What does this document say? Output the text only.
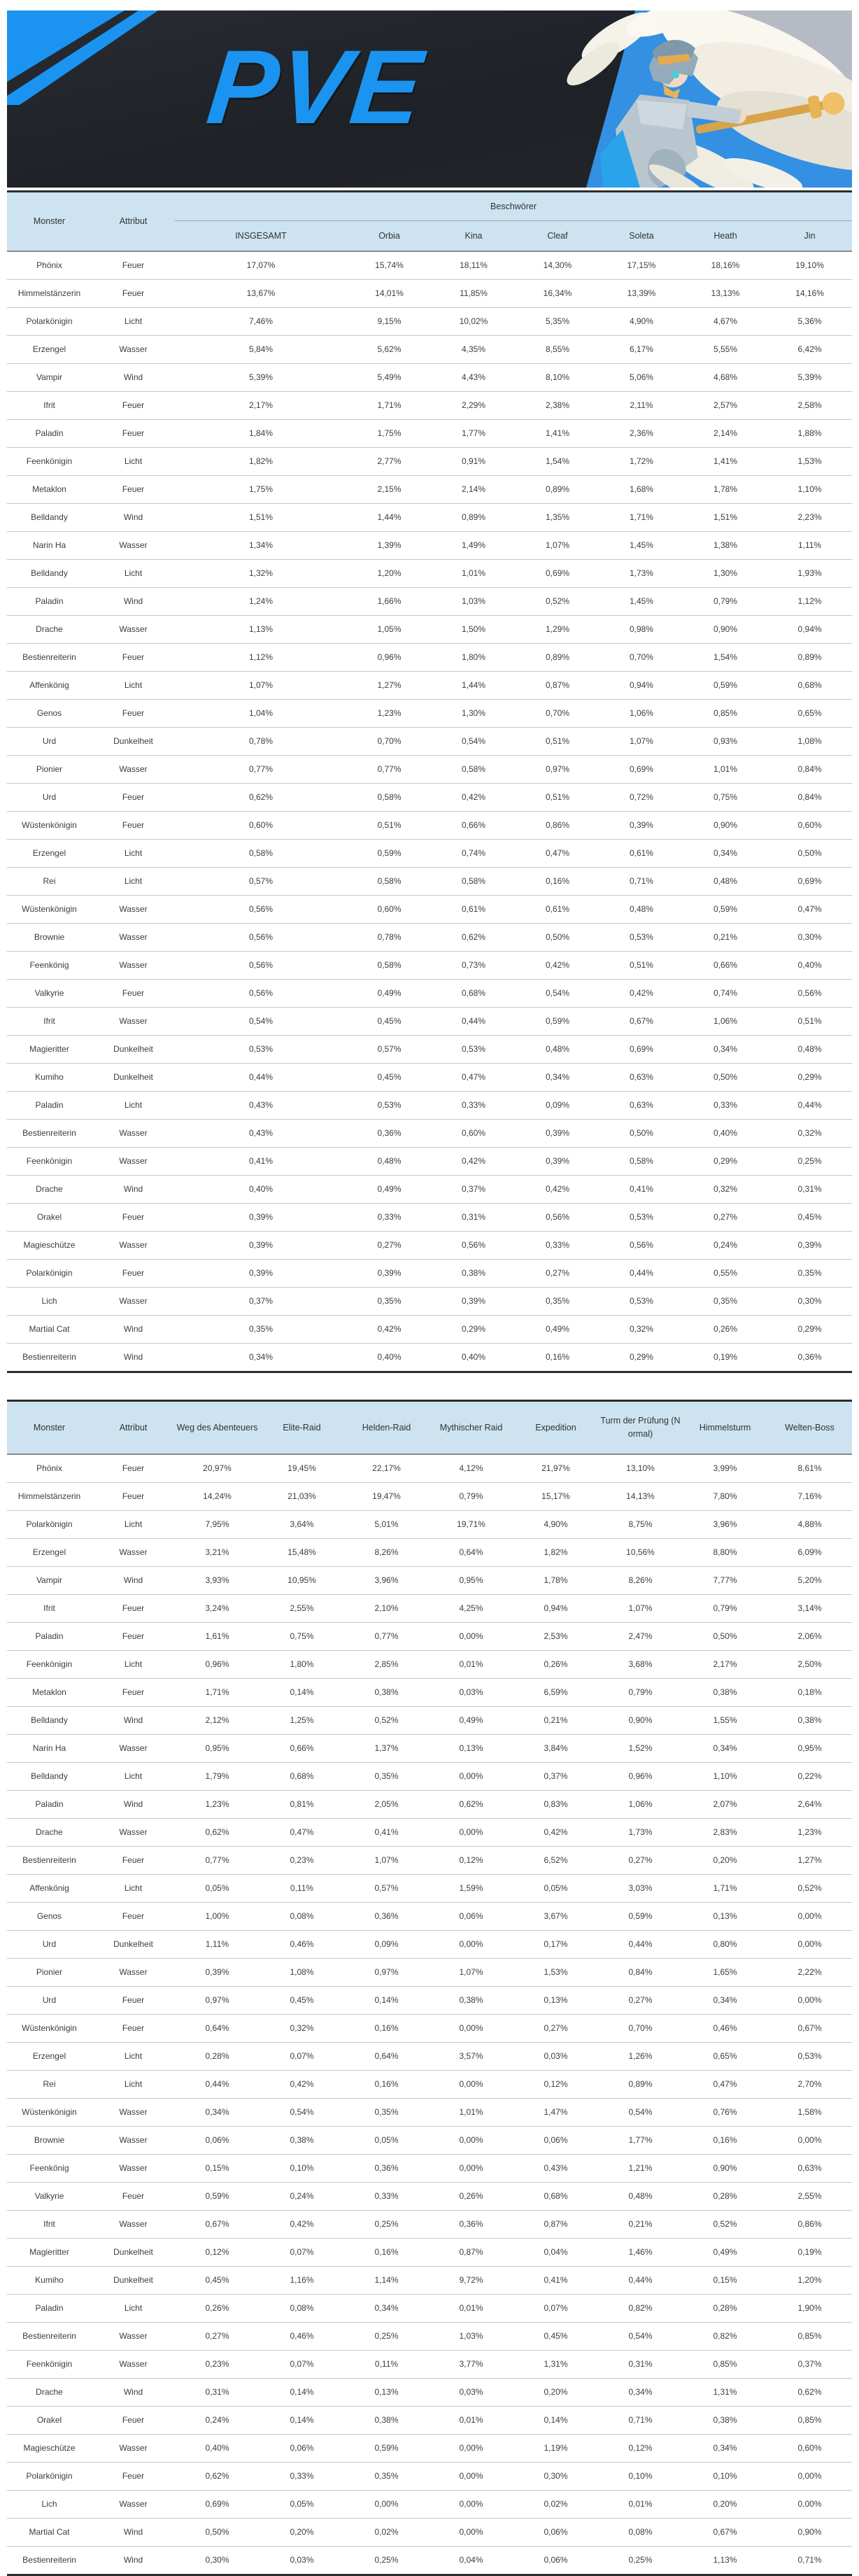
PVE
Monster	Attribut	Beschwörer						
		INSGESAMT	Orbia	Kina	Cleaf	Soleta	Heath	Jin
Phönix	Feuer	17,07%	15,74%	18,11%	14,30%	17,15%	18,16%	19,10%
Himmelstänzerin	Feuer	13,67%	14,01%	11,85%	16,34%	13,39%	13,13%	14,16%
Polarkönigin	Licht	7,46%	9,15%	10,02%	5,35%	4,90%	4,67%	5,36%
Erzengel	Wasser	5,84%	5,62%	4,35%	8,55%	6,17%	5,55%	6,42%
Vampir	Wind	5,39%	5,49%	4,43%	8,10%	5,06%	4,68%	5,39%
Ifrit	Feuer	2,17%	1,71%	2,29%	2,38%	2,11%	2,57%	2,58%
Paladin	Feuer	1,84%	1,75%	1,77%	1,41%	2,36%	2,14%	1,88%
Feenkönigin	Licht	1,82%	2,77%	0,91%	1,54%	1,72%	1,41%	1,53%
Metaklon	Feuer	1,75%	2,15%	2,14%	0,89%	1,68%	1,78%	1,10%
Belldandy	Wind	1,51%	1,44%	0,89%	1,35%	1,71%	1,51%	2,23%
Narin Ha	Wasser	1,34%	1,39%	1,49%	1,07%	1,45%	1,38%	1,11%
Belldandy	Licht	1,32%	1,20%	1,01%	0,69%	1,73%	1,30%	1,93%
Paladin	Wind	1,24%	1,66%	1,03%	0,52%	1,45%	0,79%	1,12%
Drache	Wasser	1,13%	1,05%	1,50%	1,29%	0,98%	0,90%	0,94%
Bestienreiterin	Feuer	1,12%	0,96%	1,80%	0,89%	0,70%	1,54%	0,89%
Affenkönig	Licht	1,07%	1,27%	1,44%	0,87%	0,94%	0,59%	0,68%
Genos	Feuer	1,04%	1,23%	1,30%	0,70%	1,06%	0,85%	0,65%
Urd	Dunkelheit	0,78%	0,70%	0,54%	0,51%	1,07%	0,93%	1,08%
Pionier	Wasser	0,77%	0,77%	0,58%	0,97%	0,69%	1,01%	0,84%
Urd	Feuer	0,62%	0,58%	0,42%	0,51%	0,72%	0,75%	0,84%
Wüstenkönigin	Feuer	0,60%	0,51%	0,66%	0,86%	0,39%	0,90%	0,60%
Erzengel	Licht	0,58%	0,59%	0,74%	0,47%	0,61%	0,34%	0,50%
Rei	Licht	0,57%	0,58%	0,58%	0,16%	0,71%	0,48%	0,69%
Wüstenkönigin	Wasser	0,56%	0,60%	0,61%	0,61%	0,48%	0,59%	0,47%
Brownie	Wasser	0,56%	0,78%	0,62%	0,50%	0,53%	0,21%	0,30%
Feenkönig	Wasser	0,56%	0,58%	0,73%	0,42%	0,51%	0,66%	0,40%
Valkyrie	Feuer	0,56%	0,49%	0,68%	0,54%	0,42%	0,74%	0,56%
Ifrit	Wasser	0,54%	0,45%	0,44%	0,59%	0,67%	1,06%	0,51%
Magieritter	Dunkelheit	0,53%	0,57%	0,53%	0,48%	0,69%	0,34%	0,48%
Kumiho	Dunkelheit	0,44%	0,45%	0,47%	0,34%	0,63%	0,50%	0,29%
Paladin	Licht	0,43%	0,53%	0,33%	0,09%	0,63%	0,33%	0,44%
Bestienreiterin	Wasser	0,43%	0,36%	0,60%	0,39%	0,50%	0,40%	0,32%
Feenkönigin	Wasser	0,41%	0,48%	0,42%	0,39%	0,58%	0,29%	0,25%
Drache	Wind	0,40%	0,49%	0,37%	0,42%	0,41%	0,32%	0,31%
Orakel	Feuer	0,39%	0,33%	0,31%	0,56%	0,53%	0,27%	0,45%
Magieschütze	Wasser	0,39%	0,27%	0,56%	0,33%	0,56%	0,24%	0,39%
Polarkönigin	Feuer	0,39%	0,39%	0,38%	0,27%	0,44%	0,55%	0,35%
Lich	Wasser	0,37%	0,35%	0,39%	0,35%	0,53%	0,35%	0,30%
Martial Cat	Wind	0,35%	0,42%	0,29%	0,49%	0,32%	0,26%	0,29%
Bestienreiterin	Wind	0,34%	0,40%	0,40%	0,16%	0,29%	0,19%	0,36%
Monster	Attribut	Weg des Abenteuers	Elite-Raid	Helden-Raid	Mythischer Raid	Expedition	Turm der Prüfung (Normal)	Himmelsturm	Welten-Boss
Phönix	Feuer	20,97%	19,45%	22,17%	4,12%	21,97%	13,10%	3,99%	8,61%
Himmelstänzerin	Feuer	14,24%	21,03%	19,47%	0,79%	15,17%	14,13%	7,80%	7,16%
Polarkönigin	Licht	7,95%	3,64%	5,01%	19,71%	4,90%	8,75%	3,96%	4,88%
Erzengel	Wasser	3,21%	15,48%	8,26%	0,64%	1,82%	10,56%	8,80%	6,09%
Vampir	Wind	3,93%	10,95%	3,96%	0,95%	1,78%	8,26%	7,77%	5,20%
Ifrit	Feuer	3,24%	2,55%	2,10%	4,25%	0,94%	1,07%	0,79%	3,14%
Paladin	Feuer	1,61%	0,75%	0,77%	0,00%	2,53%	2,47%	0,50%	2,06%
Feenkönigin	Licht	0,96%	1,80%	2,85%	0,01%	0,26%	3,68%	2,17%	2,50%
Metaklon	Feuer	1,71%	0,14%	0,38%	0,03%	6,59%	0,79%	0,38%	0,18%
Belldandy	Wind	2,12%	1,25%	0,52%	0,49%	0,21%	0,90%	1,55%	0,38%
Narin Ha	Wasser	0,95%	0,66%	1,37%	0,13%	3,84%	1,52%	0,34%	0,95%
Belldandy	Licht	1,79%	0,68%	0,35%	0,00%	0,37%	0,96%	1,10%	0,22%
Paladin	Wind	1,23%	0,81%	2,05%	0,62%	0,83%	1,06%	2,07%	2,64%
Drache	Wasser	0,62%	0,47%	0,41%	0,00%	0,42%	1,73%	2,83%	1,23%
Bestienreiterin	Feuer	0,77%	0,23%	1,07%	0,12%	6,52%	0,27%	0,20%	1,27%
Affenkönig	Licht	0,05%	0,11%	0,57%	1,59%	0,05%	3,03%	1,71%	0,52%
Genos	Feuer	1,00%	0,08%	0,36%	0,06%	3,67%	0,59%	0,13%	0,00%
Urd	Dunkelheit	1,11%	0,46%	0,09%	0,00%	0,17%	0,44%	0,80%	0,00%
Pionier	Wasser	0,39%	1,08%	0,97%	1,07%	1,53%	0,84%	1,65%	2,22%
Urd	Feuer	0,97%	0,45%	0,14%	0,38%	0,13%	0,27%	0,34%	0,00%
Wüstenkönigin	Feuer	0,64%	0,32%	0,16%	0,00%	0,27%	0,70%	0,46%	0,67%
Erzengel	Licht	0,28%	0,07%	0,64%	3,57%	0,03%	1,26%	0,65%	0,53%
Rei	Licht	0,44%	0,42%	0,16%	0,00%	0,12%	0,89%	0,47%	2,70%
Wüstenkönigin	Wasser	0,34%	0,54%	0,35%	1,01%	1,47%	0,54%	0,76%	1,58%
Brownie	Wasser	0,06%	0,38%	0,05%	0,00%	0,06%	1,77%	0,16%	0,00%
Feenkönig	Wasser	0,15%	0,10%	0,36%	0,00%	0,43%	1,21%	0,90%	0,63%
Valkyrie	Feuer	0,59%	0,24%	0,33%	0,26%	0,68%	0,48%	0,28%	2,55%
Ifrit	Wasser	0,67%	0,42%	0,25%	0,36%	0,87%	0,21%	0,52%	0,86%
Magieritter	Dunkelheit	0,12%	0,07%	0,16%	0,87%	0,04%	1,46%	0,49%	0,19%
Kumiho	Dunkelheit	0,45%	1,16%	1,14%	9,72%	0,41%	0,44%	0,15%	1,20%
Paladin	Licht	0,26%	0,08%	0,34%	0,01%	0,07%	0,82%	0,28%	1,90%
Bestienreiterin	Wasser	0,27%	0,46%	0,25%	1,03%	0,45%	0,54%	0,82%	0,85%
Feenkönigin	Wasser	0,23%	0,07%	0,11%	3,77%	1,31%	0,31%	0,85%	0,37%
Drache	Wind	0,31%	0,14%	0,13%	0,03%	0,20%	0,34%	1,31%	0,62%
Orakel	Feuer	0,24%	0,14%	0,38%	0,01%	0,14%	0,71%	0,38%	0,85%
Magieschütze	Wasser	0,40%	0,06%	0,59%	0,00%	1,19%	0,12%	0,34%	0,60%
Polarkönigin	Feuer	0,62%	0,33%	0,35%	0,00%	0,30%	0,10%	0,10%	0,00%
Lich	Wasser	0,69%	0,05%	0,00%	0,00%	0,02%	0,01%	0,20%	0,00%
Martial Cat	Wind	0,50%	0,20%	0,02%	0,00%	0,06%	0,08%	0,67%	0,90%
Bestienreiterin	Wind	0,30%	0,03%	0,25%	0,04%	0,06%	0,25%	1,13%	0,71%
